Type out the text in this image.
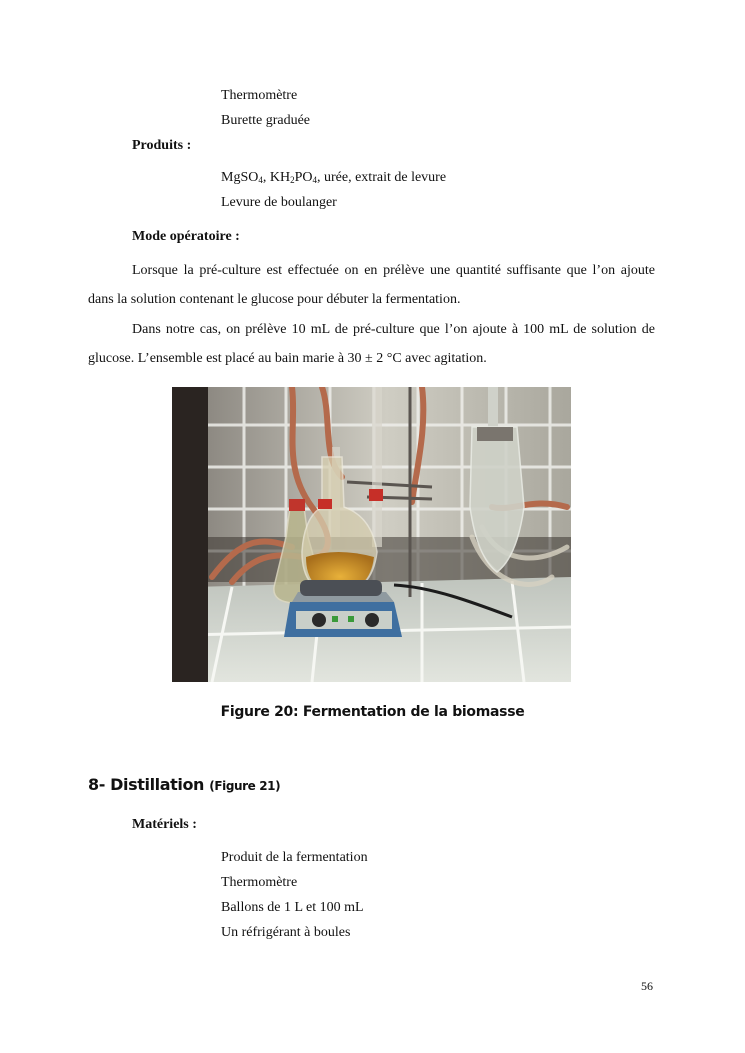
Thermomètre
Burette graduée
Produits :
MgSO$_4$, $KH_2PO_4$, urée, extrait de levure
Levure de boulanger
Mode opératoire :
Lorsque la pré-culture est effectuée on en prélève une quantité suffisante que l’on ajoute dans la solution contenant le glucose pour débuter la fermentation.
Dans notre cas, on prélève 10 mL de pré-culture que l’on ajoute à 100 mL de solution de glucose. L’ensemble est placé au bain marie à 30 ± 2 °C avec agitation.
Figure 20: Fermentation de la biomasse
8- Distillation (Figure 21)
Matériels :
Produit de la fermentation
Thermomètre
Ballons de 1 L et 100 mL
Un réfrigérant à boules
56
